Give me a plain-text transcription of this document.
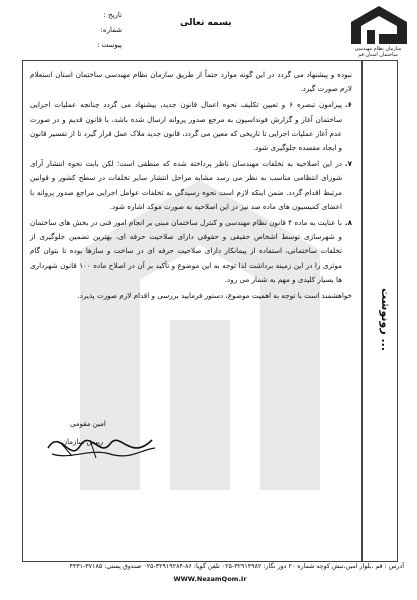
سازمان نظام مهندسی ساختمان استان قم
بسمه تعالی
تاریخ :
شماره:
پیوست :
رونوشت ...
نبوده و پیشنهاد می گردد در این گونه موارد حتماً از طریق سازمان نظام مهندسی ساختمان استان استعلام لازم صورت گیرد.
۶.
پیرامون تبصره ۶ و تعیین تکلیف نحوه اعمال قانون جدید، پیشنهاد می گردد چنانچه عملیات اجرایی ساختمان آغاز و گزارش فونداسیون به مرجع صدور پروانه ارسال شده باشد، با قانون قدیم و در صورت عدم آغاز عملیات اجرایی تا تاریخی که معین می گردد، قانون جدید ملاک عمل قرار گیرد تا از تفسیر قانون و ایجاد مفسده جلوگیری شود.
۷.
در این اصلاحیه به تخلفات مهندسان ناظر پرداخته شده که منطقی است؛ لکن بابت نحوه انتشار آرای شورای انتظامی مناسب به نظر می رسد مشابه مراحل انتشار سایر تخلفات در سطح کشور و قوانین مرتبط اقدام گردد. ضمن اینکه لازم است نحوه رسیدگی به تخلفات عوامل اجرایی مراجع صدور پروانه با اعضای کمیسیون های ماده صد نیز در این اصلاحیه به صورت موکد اشاره شود.
۸.
با عنایت به ماده ۴ قانون نظام مهندسی و کنترل ساختمان مبنی بر انجام امور فنی در بخش های ساختمان و شهرسازی توسط اشخاص حقیقی و حقوقی دارای صلاحیت حرفه ای، بهترین تضمین جلوگیری از تخلفات ساختمانی، استفاده از پیمانکار دارای صلاحیت حرفه ای در ساخت و سازها بوده تا بتوان گام موثری را در این زمینه برداشت لذا توجه به این موضوع و تأکید بر آن در اصلاح ماده ۱۰۰ قانون شهرداری ها بسیار کلیدی و مهم به شمار می رود.
خواهشمند است با توجه به اهمیت موضوع، دستور فرمایید بررسی و اقدام لازم صورت پذیرد.
امین مقومی
رییس سازمان
آدرس : قم ،بلوار امین،نبش کوچه شماره ۲۰ دور نگار: ۳۲۹۱۴۹۸۲-۰۲۵ تلفن گویا: ۸۶-۳۲۹۱۹۲۸۴-۰۲۵ صندوق پستی: ۳۷۱۸۵-۴۴۳۱
WWW.NezamQom.Ir
